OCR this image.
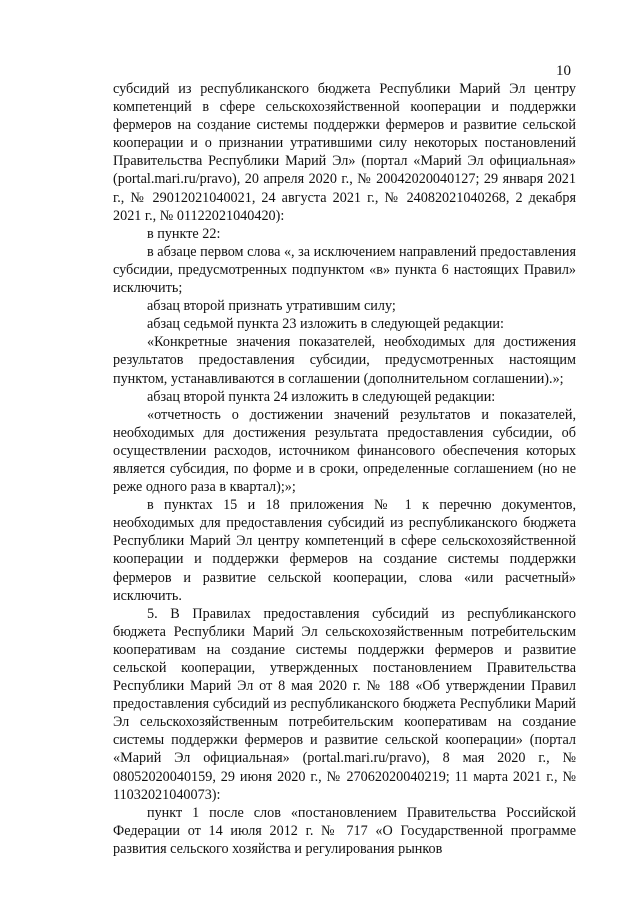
10

субсидий из республиканского бюджета Республики Марий Эл центру компетенций в сфере сельскохозяйственной кооперации и поддержки фермеров на создание системы поддержки фермеров и развитие сельской кооперации и о признании утратившими силу некоторых постановлений Правительства Республики Марий Эл» (портал «Марий Эл официальная» (portal.mari.ru/pravo), 20 апреля 2020 г., № 20042020040127; 29 января 2021 г., № 29012021040021, 24 августа 2021 г., № 24082021040268, 2 декабря 2021 г., № 01122021040420):

в пункте 22:

в абзаце первом слова «, за исключением направлений предоставления субсидии, предусмотренных подпунктом «в» пункта 6 настоящих Правил» исключить;

абзац второй признать утратившим силу;

абзац седьмой пункта 23 изложить в следующей редакции:

«Конкретные значения показателей, необходимых для достижения результатов предоставления субсидии, предусмотренных настоящим пунктом, устанавливаются в соглашении (дополнительном соглашении).»;

абзац второй пункта 24 изложить в следующей редакции:

«отчетность о достижении значений результатов и показателей, необходимых для достижения результата предоставления субсидии, об осуществлении расходов, источником финансового обеспечения которых является субсидия, по форме и в сроки, определенные соглашением (но не реже одного раза в квартал);»;

в пунктах 15 и 18 приложения № 1 к перечню документов, необходимых для предоставления субсидий из республиканского бюджета Республики Марий Эл центру компетенций в сфере сельскохозяйственной кооперации и поддержки фермеров на создание системы поддержки фермеров и развитие сельской кооперации, слова «или расчетный» исключить.

5. В Правилах предоставления субсидий из республиканского бюджета Республики Марий Эл сельскохозяйственным потребительским кооперативам на создание системы поддержки фермеров и развитие сельской кооперации, утвержденных постановлением Правительства Республики Марий Эл от 8 мая 2020 г. № 188 «Об утверждении Правил предоставления субсидий из республиканского бюджета Республики Марий Эл сельскохозяйственным потребительским кооперативам на создание системы поддержки фермеров и развитие сельской кооперации» (портал «Марий Эл официальная» (portal.mari.ru/pravo), 8 мая 2020 г., № 08052020040159, 29 июня 2020 г., № 27062020040219; 11 марта 2021 г., № 11032021040073):

пункт 1 после слов «постановлением Правительства Российской Федерации от 14 июля 2012 г. № 717 «О Государственной программе развития сельского хозяйства и регулирования рынков
